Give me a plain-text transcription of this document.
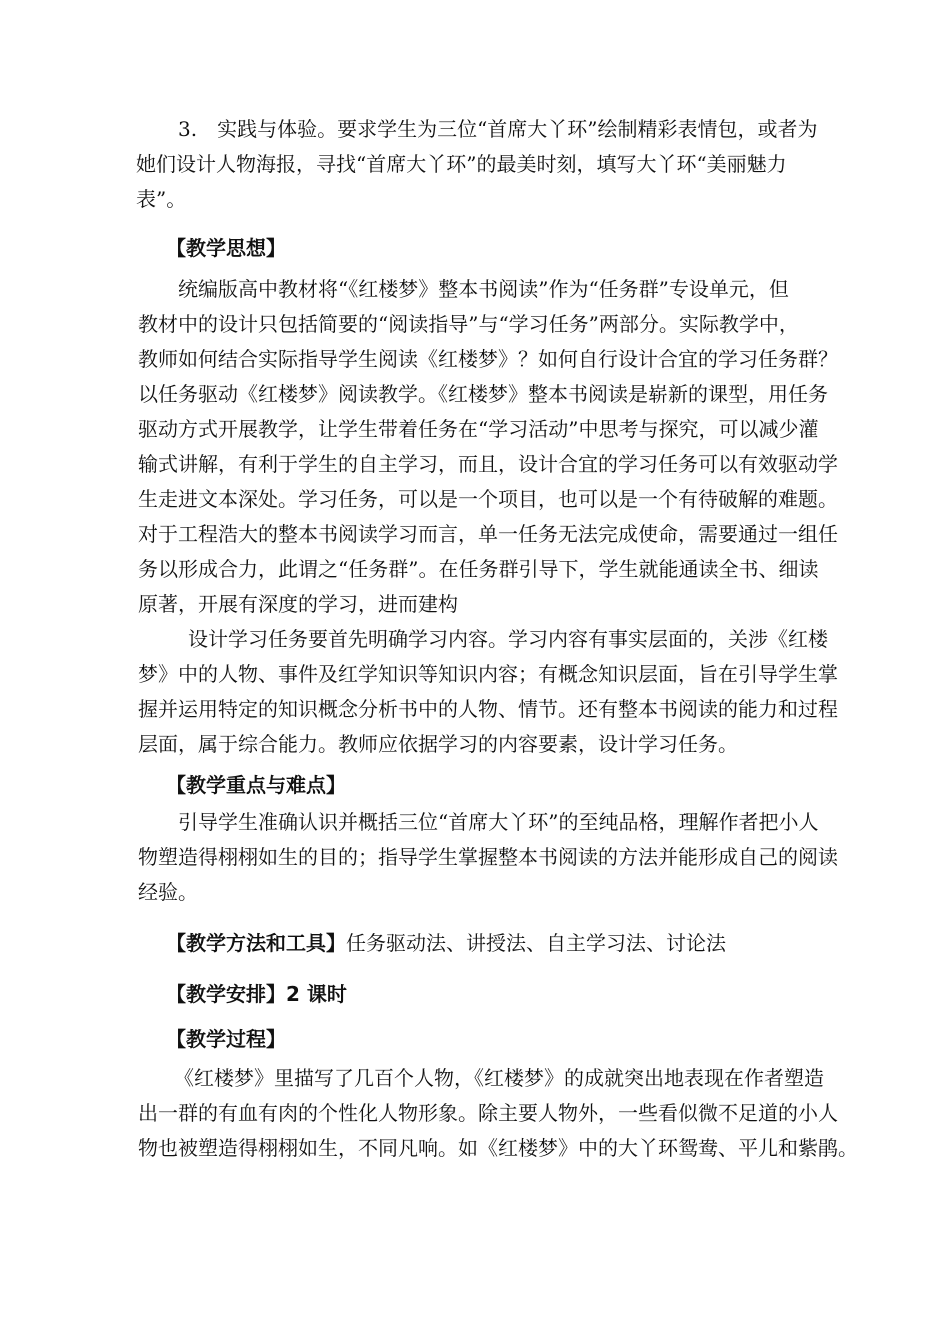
3.　实践与体验。要求学生为三位“首席大丫环”绘制精彩表情包，或者为
她们设计人物海报，寻找“首席大丫环”的最美时刻，填写大丫环“美丽魅力
表”。

【教学思想】

统编版高中教材将“《红楼梦》整本书阅读”作为“任务群”专设单元，但
教材中的设计只包括简要的“阅读指导”与“学习任务”两部分。实际教学中，
教师如何结合实际指导学生阅读《红楼梦》？如何自行设计合宜的学习任务群？
以任务驱动《红楼梦》阅读教学。《红楼梦》整本书阅读是崭新的课型，用任务
驱动方式开展教学，让学生带着任务在“学习活动”中思考与探究，可以减少灌
输式讲解，有利于学生的自主学习，而且，设计合宜的学习任务可以有效驱动学
生走进文本深处。学习任务，可以是一个项目，也可以是一个有待破解的难题。
对于工程浩大的整本书阅读学习而言，单一任务无法完成使命，需要通过一组任
务以形成合力，此谓之“任务群”。在任务群引导下，学生就能通读全书、细读
原著，开展有深度的学习，进而建构

设计学习任务要首先明确学习内容。学习内容有事实层面的，关涉《红楼
梦》中的人物、事件及红学知识等知识内容；有概念知识层面，旨在引导学生掌
握并运用特定的知识概念分析书中的人物、情节。还有整本书阅读的能力和过程
层面，属于综合能力。教师应依据学习的内容要素，设计学习任务。

【教学重点与难点】

引导学生准确认识并概括三位“首席大丫环”的至纯品格，理解作者把小人
物塑造得栩栩如生的目的；指导学生掌握整本书阅读的方法并能形成自己的阅读
经验。

【教学方法和工具】任务驱动法、讲授法、自主学习法、讨论法
【教学安排】2 课时
【教学过程】

《红楼梦》里描写了几百个人物，《红楼梦》的成就突出地表现在作者塑造
出一群的有血有肉的个性化人物形象。除主要人物外，一些看似微不足道的小人
物也被塑造得栩栩如生，不同凡响。如《红楼梦》中的大丫环鸳鸯、平儿和紫鹃。
